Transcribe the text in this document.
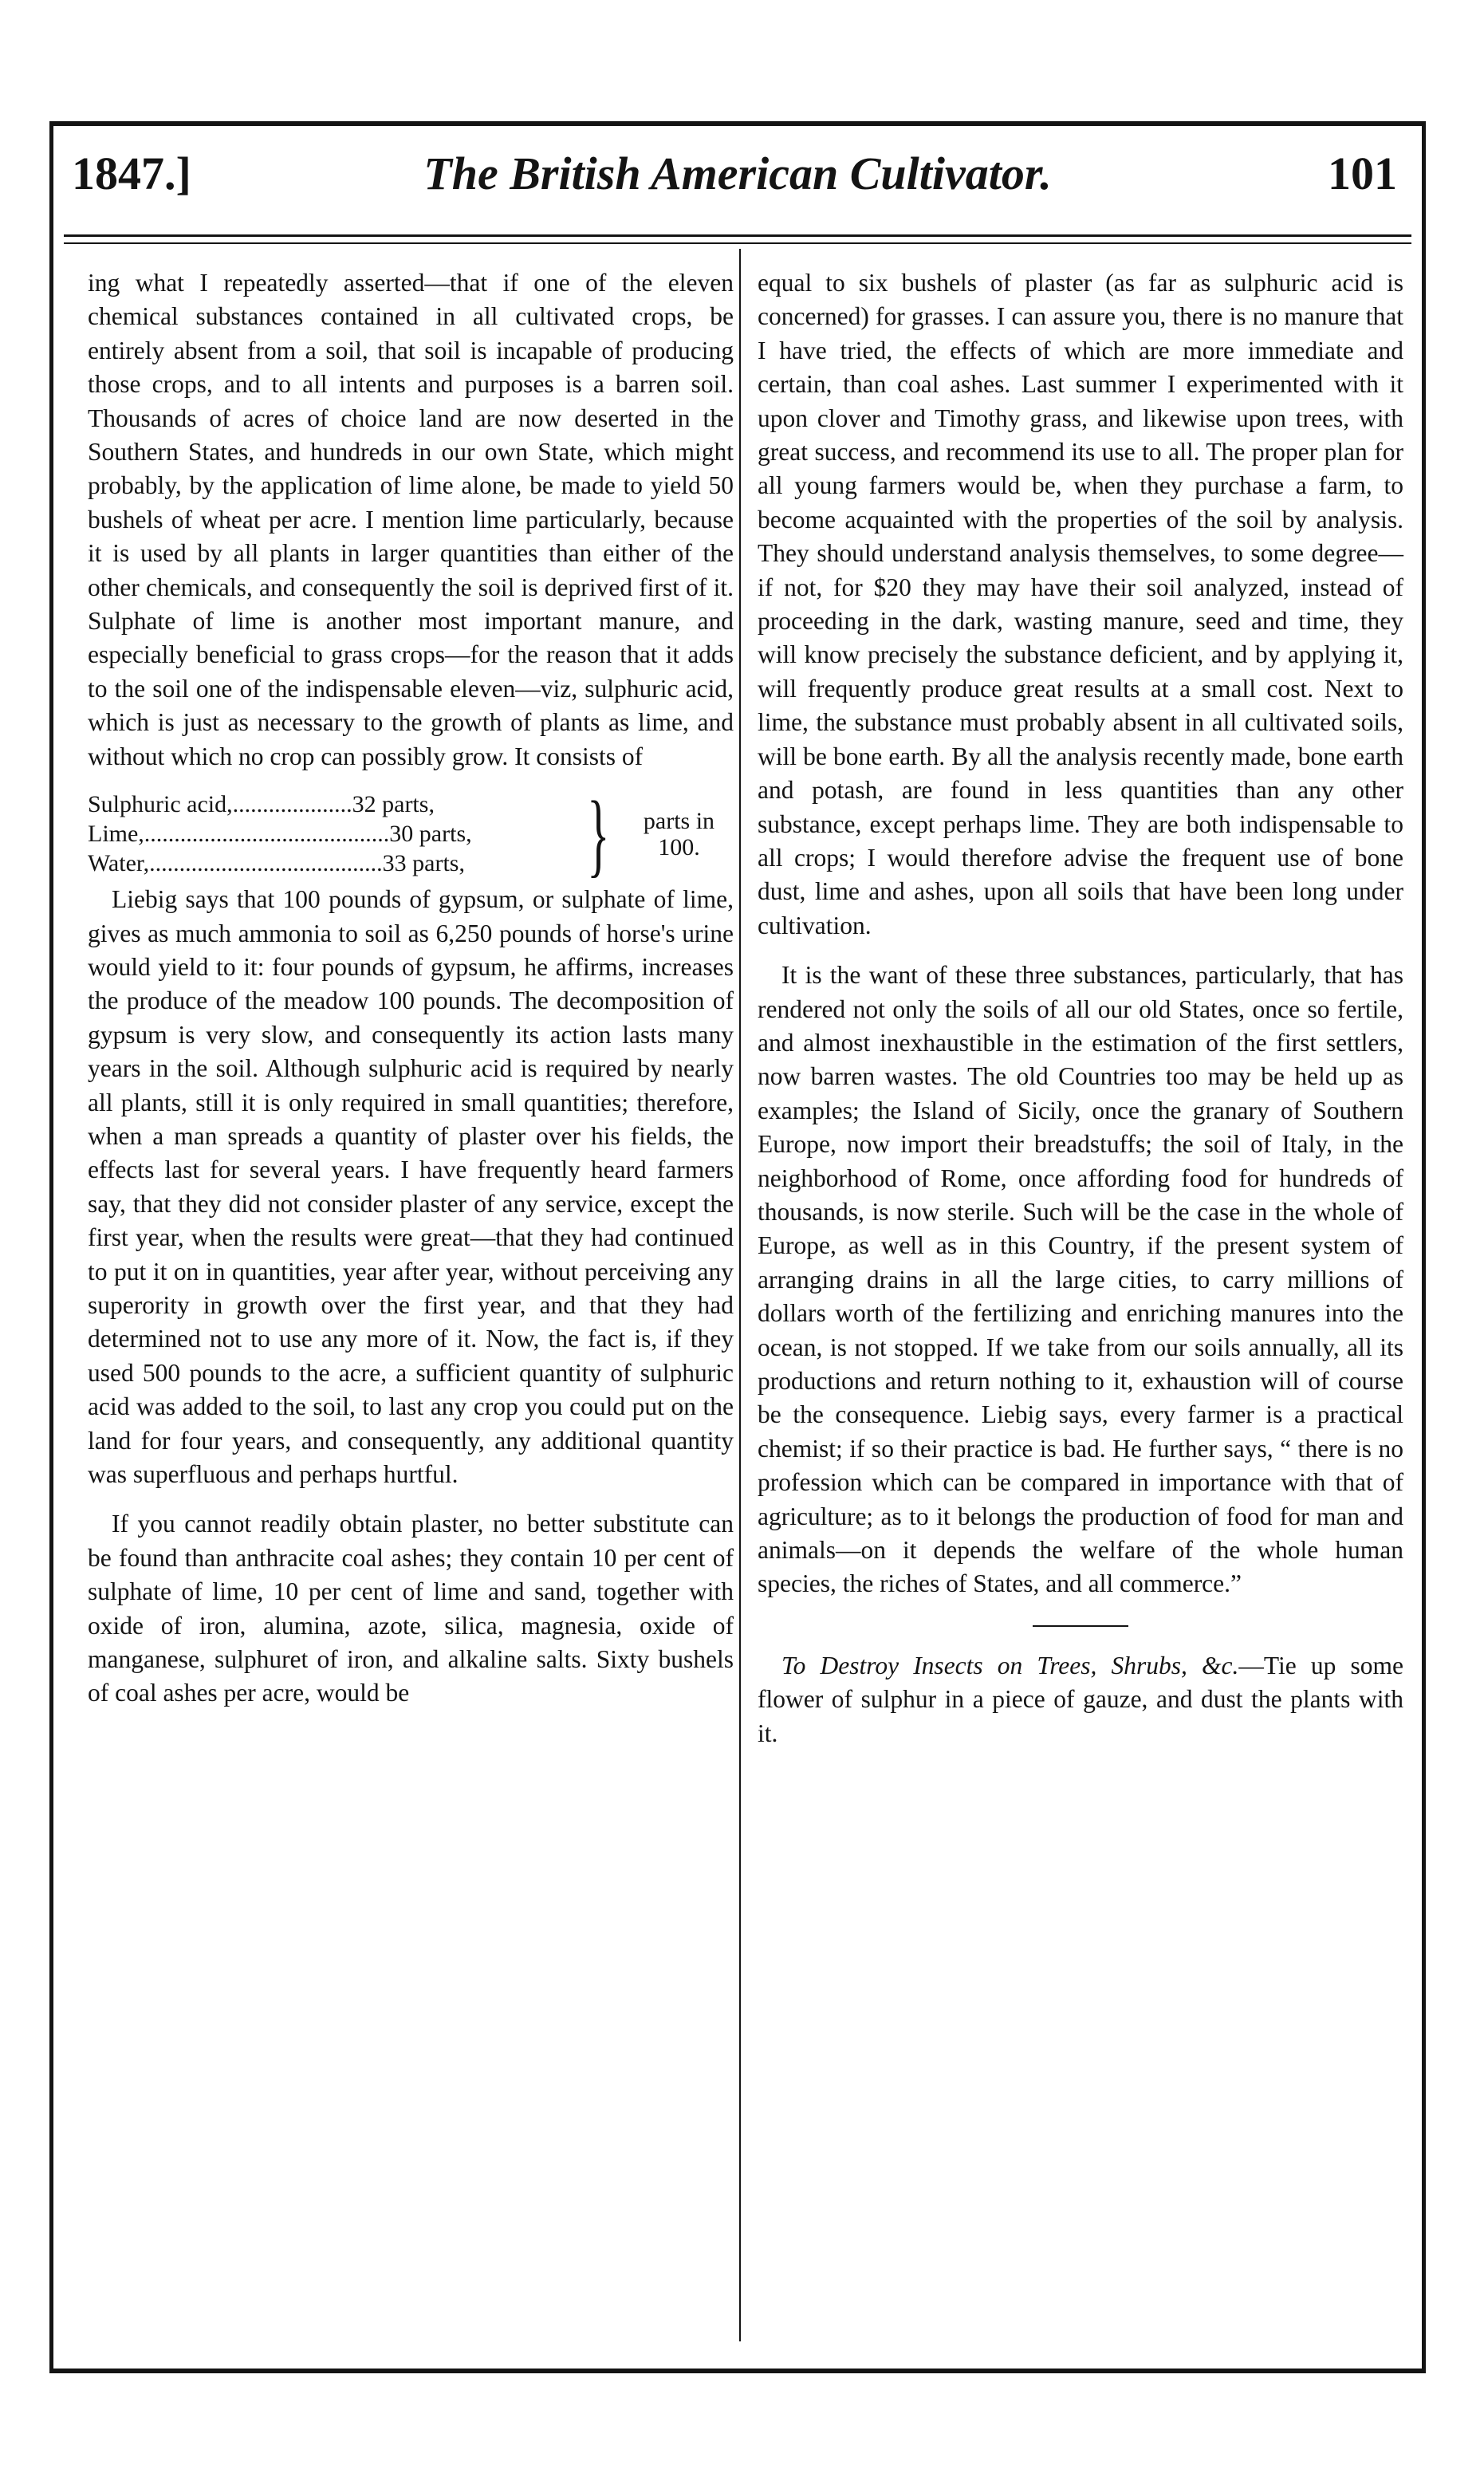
1847.]	The British American Cultivator.	101

ing what I repeatedly asserted—that if one of the eleven chemical substances contained in all cultivated crops, be entirely absent from a soil, that soil is incapable of producing those crops, and to all intents and purposes is a barren soil. Thousands of acres of choice land are now deserted in the Southern States, and hundreds in our own State, which might probably, by the application of lime alone, be made to yield 50 bushels of wheat per acre. I mention lime particularly, because it is used by all plants in larger quantities than either of the other chemicals, and consequently the soil is deprived first of it. Sulphate of lime is another most important manure, and especially beneficial to grass crops—for the reason that it adds to the soil one of the indispensable eleven—viz, sulphuric acid, which is just as necessary to the growth of plants as lime, and without which no crop can possibly grow. It consists of

Sulphuric acid,....................32 parts,
Lime,.........................................30 parts,
Water,.......................................33 parts,	}	parts in 100.

Liebig says that 100 pounds of gypsum, or sulphate of lime, gives as much ammonia to soil as 6,250 pounds of horse's urine would yield to it: four pounds of gypsum, he affirms, increases the produce of the meadow 100 pounds. The decomposition of gypsum is very slow, and consequently its action lasts many years in the soil. Although sulphuric acid is required by nearly all plants, still it is only required in small quantities; therefore, when a man spreads a quantity of plaster over his fields, the effects last for several years. I have frequently heard farmers say, that they did not consider plaster of any service, except the first year, when the results were great—that they had continued to put it on in quantities, year after year, without perceiving any superority in growth over the first year, and that they had determined not to use any more of it. Now, the fact is, if they used 500 pounds to the acre, a sufficient quantity of sulphuric acid was added to the soil, to last any crop you could put on the land for four years, and consequently, any additional quantity was superfluous and perhaps hurtful.

If you cannot readily obtain plaster, no better substitute can be found than anthracite coal ashes; they contain 10 per cent of sulphate of lime, 10 per cent of lime and sand, together with oxide of iron, alumina, azote, silica, magnesia, oxide of manganese, sulphuret of iron, and alkaline salts. Sixty bushels of coal ashes per acre, would be

equal to six bushels of plaster (as far as sulphuric acid is concerned) for grasses. I can assure you, there is no manure that I have tried, the effects of which are more immediate and certain, than coal ashes. Last summer I experimented with it upon clover and Timothy grass, and likewise upon trees, with great success, and recommend its use to all. The proper plan for all young farmers would be, when they purchase a farm, to become acquainted with the properties of the soil by analysis. They should understand analysis themselves, to some degree—if not, for $20 they may have their soil analyzed, instead of proceeding in the dark, wasting manure, seed and time, they will know precisely the substance deficient, and by applying it, will frequently produce great results at a small cost. Next to lime, the substance must probably absent in all cultivated soils, will be bone earth. By all the analysis recently made, bone earth and potash, are found in less quantities than any other substance, except perhaps lime. They are both indispensable to all crops; I would therefore advise the frequent use of bone dust, lime and ashes, upon all soils that have been long under cultivation.

It is the want of these three substances, particularly, that has rendered not only the soils of all our old States, once so fertile, and almost inexhaustible in the estimation of the first settlers, now barren wastes. The old Countries too may be held up as examples; the Island of Sicily, once the granary of Southern Europe, now import their breadstuffs; the soil of Italy, in the neighborhood of Rome, once affording food for hundreds of thousands, is now sterile. Such will be the case in the whole of Europe, as well as in this Country, if the present system of arranging drains in all the large cities, to carry millions of dollars worth of the fertilizing and enriching manures into the ocean, is not stopped. If we take from our soils annually, all its productions and return nothing to it, exhaustion will of course be the consequence. Liebig says, every farmer is a practical chemist; if so their practice is bad. He further says, “ there is no profession which can be compared in importance with that of agriculture; as to it belongs the production of food for man and animals—on it depends the welfare of the whole human species, the riches of States, and all commerce.”

To Destroy Insects on Trees, Shrubs, &c.—Tie up some flower of sulphur in a piece of gauze, and dust the plants with it.
